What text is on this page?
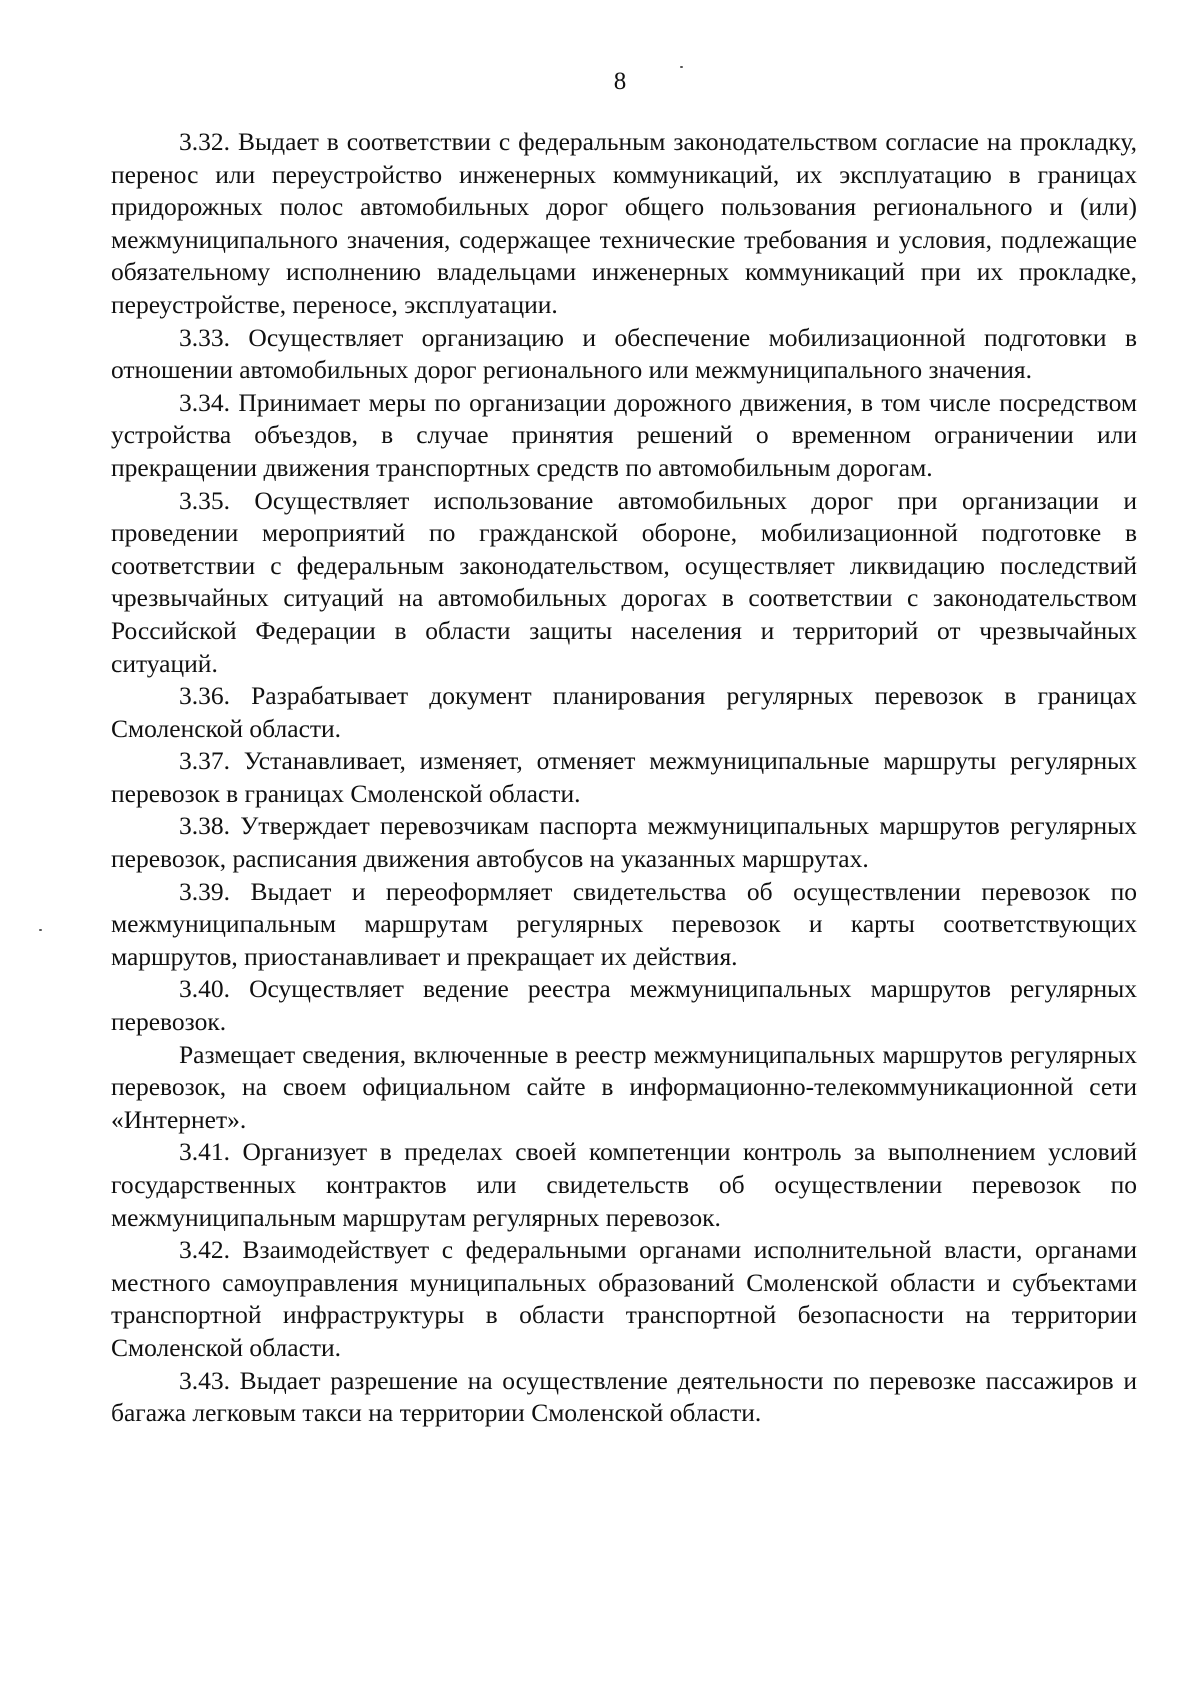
8

3.32. Выдает в соответствии с федеральным законодательством согласие на прокладку, перенос или переустройство инженерных коммуникаций, их эксплуатацию в границах придорожных полос автомобильных дорог общего пользования регионального и (или) межмуниципального значения, содержащее технические требования и условия, подлежащие обязательному исполнению владельцами инженерных коммуникаций при их прокладке, переустройстве, переносе, эксплуатации.

3.33. Осуществляет организацию и обеспечение мобилизационной подготовки в отношении автомобильных дорог регионального или межмуниципального значения.

3.34. Принимает меры по организации дорожного движения, в том числе посредством устройства объездов, в случае принятия решений о временном ограничении или прекращении движения транспортных средств по автомобильным дорогам.

3.35. Осуществляет использование автомобильных дорог при организации и проведении мероприятий по гражданской обороне, мобилизационной подготовке в соответствии с федеральным законодательством, осуществляет ликвидацию последствий чрезвычайных ситуаций на автомобильных дорогах в соответствии с законодательством Российской Федерации в области защиты населения и территорий от чрезвычайных ситуаций.

3.36. Разрабатывает документ планирования регулярных перевозок в границах Смоленской области.

3.37. Устанавливает, изменяет, отменяет межмуниципальные маршруты регулярных перевозок в границах Смоленской области.

3.38. Утверждает перевозчикам паспорта межмуниципальных маршрутов регулярных перевозок, расписания движения автобусов на указанных маршрутах.

3.39. Выдает и переоформляет свидетельства об осуществлении перевозок по межмуниципальным маршрутам регулярных перевозок и карты соответствующих маршрутов, приостанавливает и прекращает их действия.

3.40. Осуществляет ведение реестра межмуниципальных маршрутов регулярных перевозок.

Размещает сведения, включенные в реестр межмуниципальных маршрутов регулярных перевозок, на своем официальном сайте в информационно-телекоммуникационной сети «Интернет».

3.41. Организует в пределах своей компетенции контроль за выполнением условий государственных контрактов или свидетельств об осуществлении перевозок по межмуниципальным маршрутам регулярных перевозок.

3.42. Взаимодействует с федеральными органами исполнительной власти, органами местного самоуправления муниципальных образований Смоленской области и субъектами транспортной инфраструктуры в области транспортной безопасности на территории Смоленской области.

3.43. Выдает разрешение на осуществление деятельности по перевозке пассажиров и багажа легковым такси на территории Смоленской области.
